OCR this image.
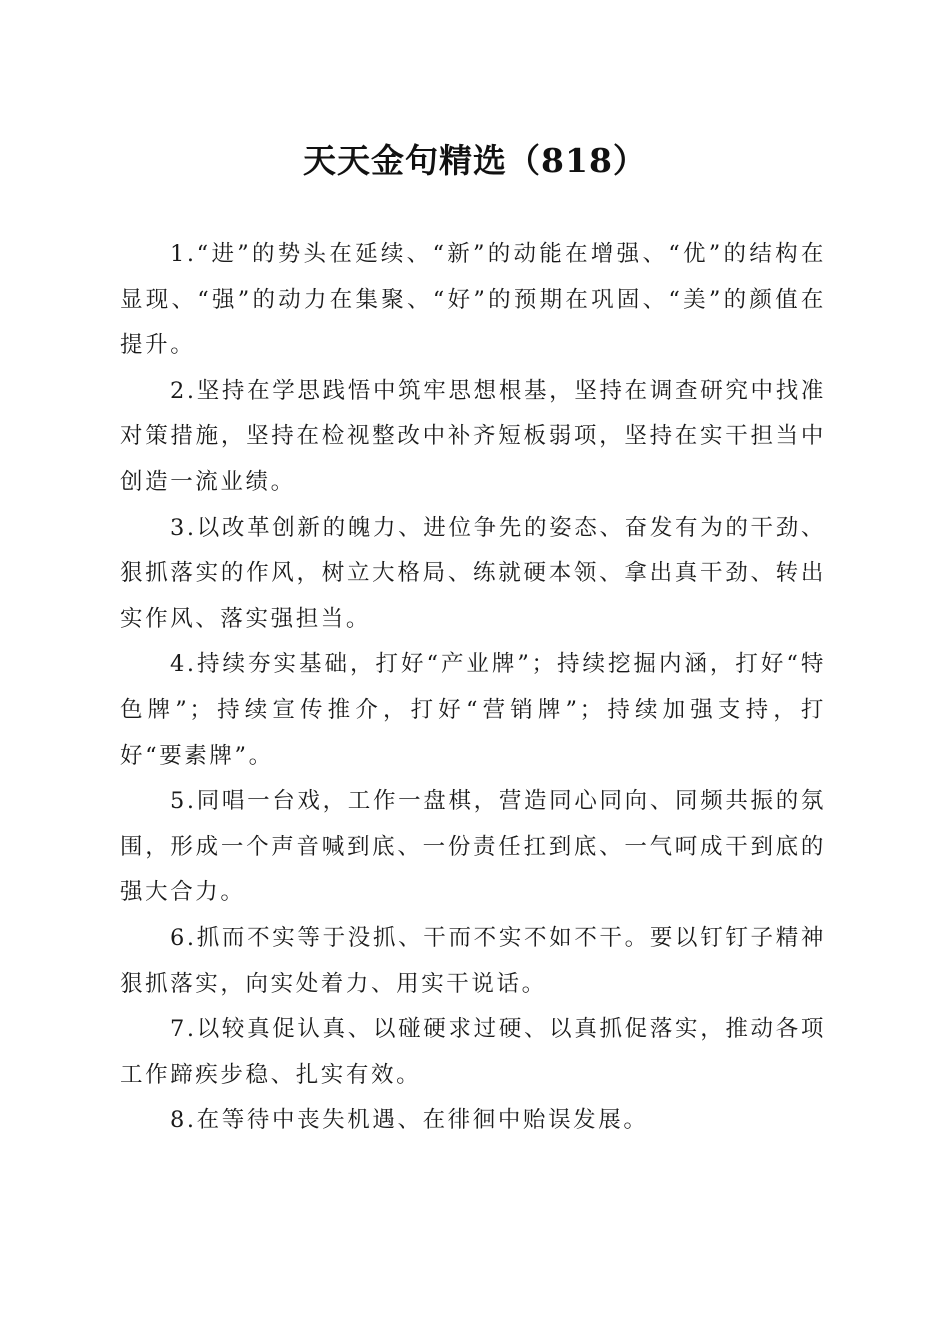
天天金句精选（818）

1.“进”的势头在延续、“新”的动能在增强、“优”的结构在显现、“强”的动力在集聚、“好”的预期在巩固、“美”的颜值在提升。

2.坚持在学思践悟中筑牢思想根基，坚持在调查研究中找准对策措施，坚持在检视整改中补齐短板弱项，坚持在实干担当中创造一流业绩。

3.以改革创新的魄力、进位争先的姿态、奋发有为的干劲、狠抓落实的作风，树立大格局、练就硬本领、拿出真干劲、转出实作风、落实强担当。

4.持续夯实基础，打好“产业牌”；持续挖掘内涵，打好“特色牌”；持续宣传推介，打好“营销牌”；持续加强支持，打好“要素牌”。

5.同唱一台戏，工作一盘棋，营造同心同向、同频共振的氛围，形成一个声音喊到底、一份责任扛到底、一气呵成干到底的强大合力。

6.抓而不实等于没抓、干而不实不如不干。要以钉钉子精神狠抓落实，向实处着力、用实干说话。

7.以较真促认真、以碰硬求过硬、以真抓促落实，推动各项工作蹄疾步稳、扎实有效。

8.在等待中丧失机遇、在徘徊中贻误发展。
